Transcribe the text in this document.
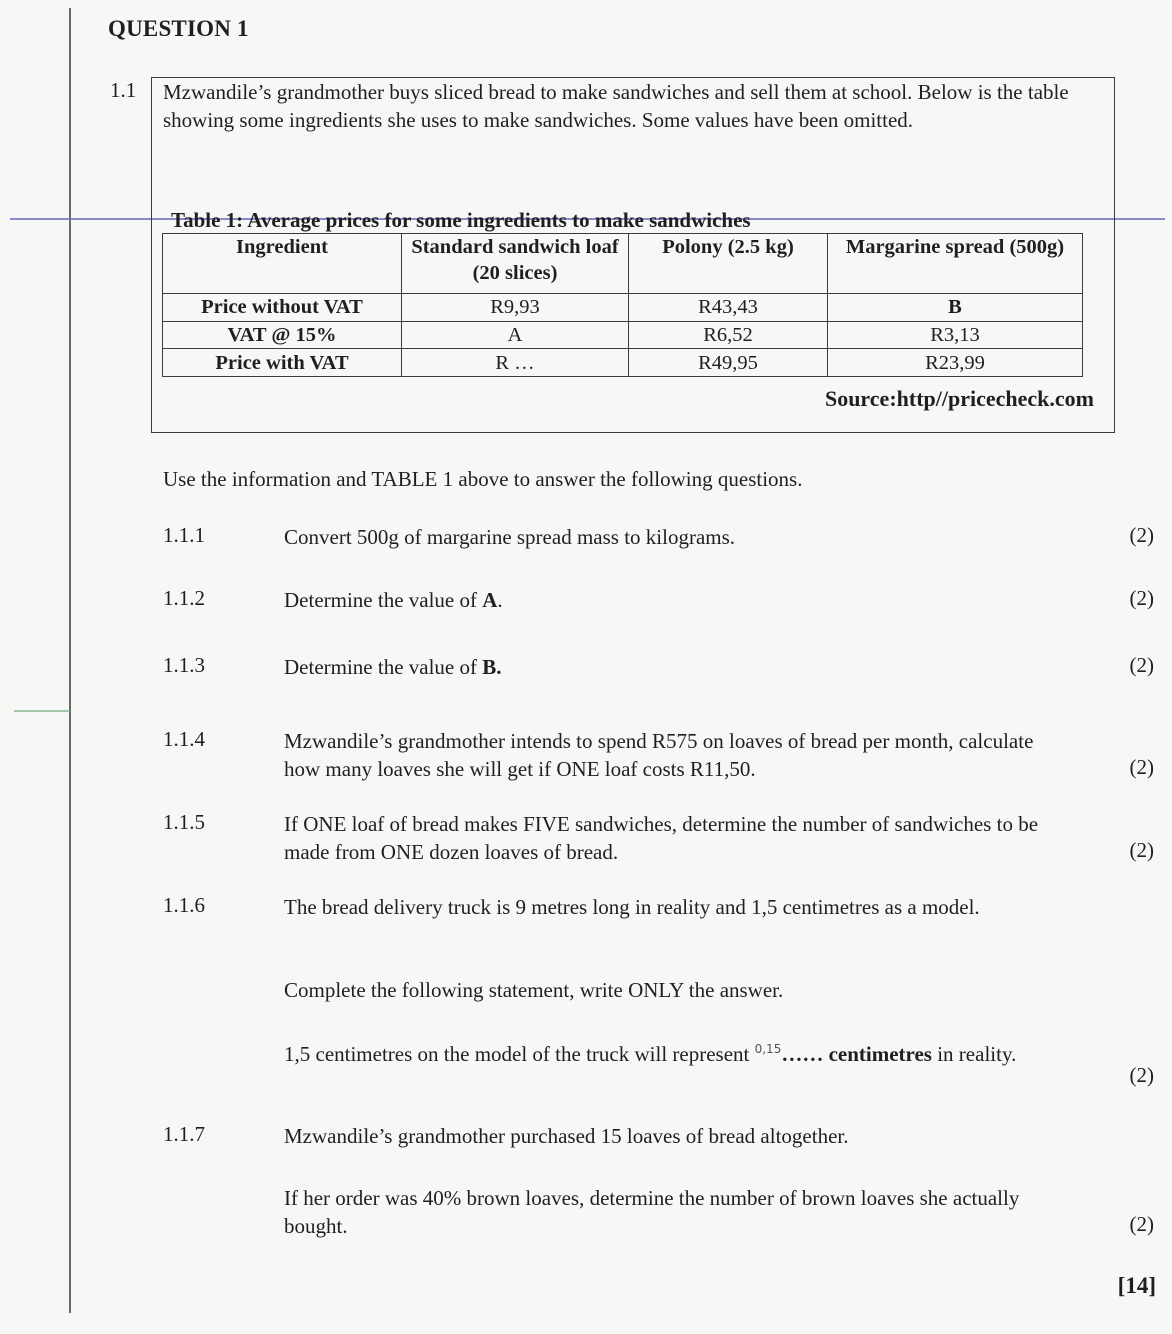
QUESTION 1
1.1 Mzwandile’s grandmother buys sliced bread to make sandwiches and sell them at school. Below is the table showing some ingredients she uses to make sandwiches. Some values have been omitted.
Table 1: Average prices for some ingredients to make sandwiches
Ingredient	Standard sandwich loaf (20 slices)	Polony (2.5 kg)	Margarine spread (500g)
Price without VAT	R9,93	R43,43	B
VAT @ 15%	A	R6,52	R3,13
Price with VAT	R …	R49,95	R23,99
Source:http//pricecheck.com
Use the information and TABLE 1 above to answer the following questions.
1.1.1	Convert 500g of margarine spread mass to kilograms.	(2)
1.1.2	Determine the value of A.	(2)
1.1.3	Determine the value of B.	(2)
1.1.4	Mzwandile’s grandmother intends to spend R575 on loaves of bread per month, calculate how many loaves she will get if ONE loaf costs R11,50.	(2)
1.1.5	If ONE loaf of bread makes FIVE sandwiches, determine the number of sandwiches to be made from ONE dozen loaves of bread.	(2)
1.1.6	The bread delivery truck is 9 metres long in reality and 1,5 centimetres as a model.
Complete the following statement, write ONLY the answer.
1,5 centimetres on the model of the truck will represent $^{0,15}$…… centimetres in reality.
(2)
1.1.7	Mzwandile’s grandmother purchased 15 loaves of bread altogether.
If her order was 40% brown loaves, determine the number of brown loaves she actually bought.	(2)
[14]
